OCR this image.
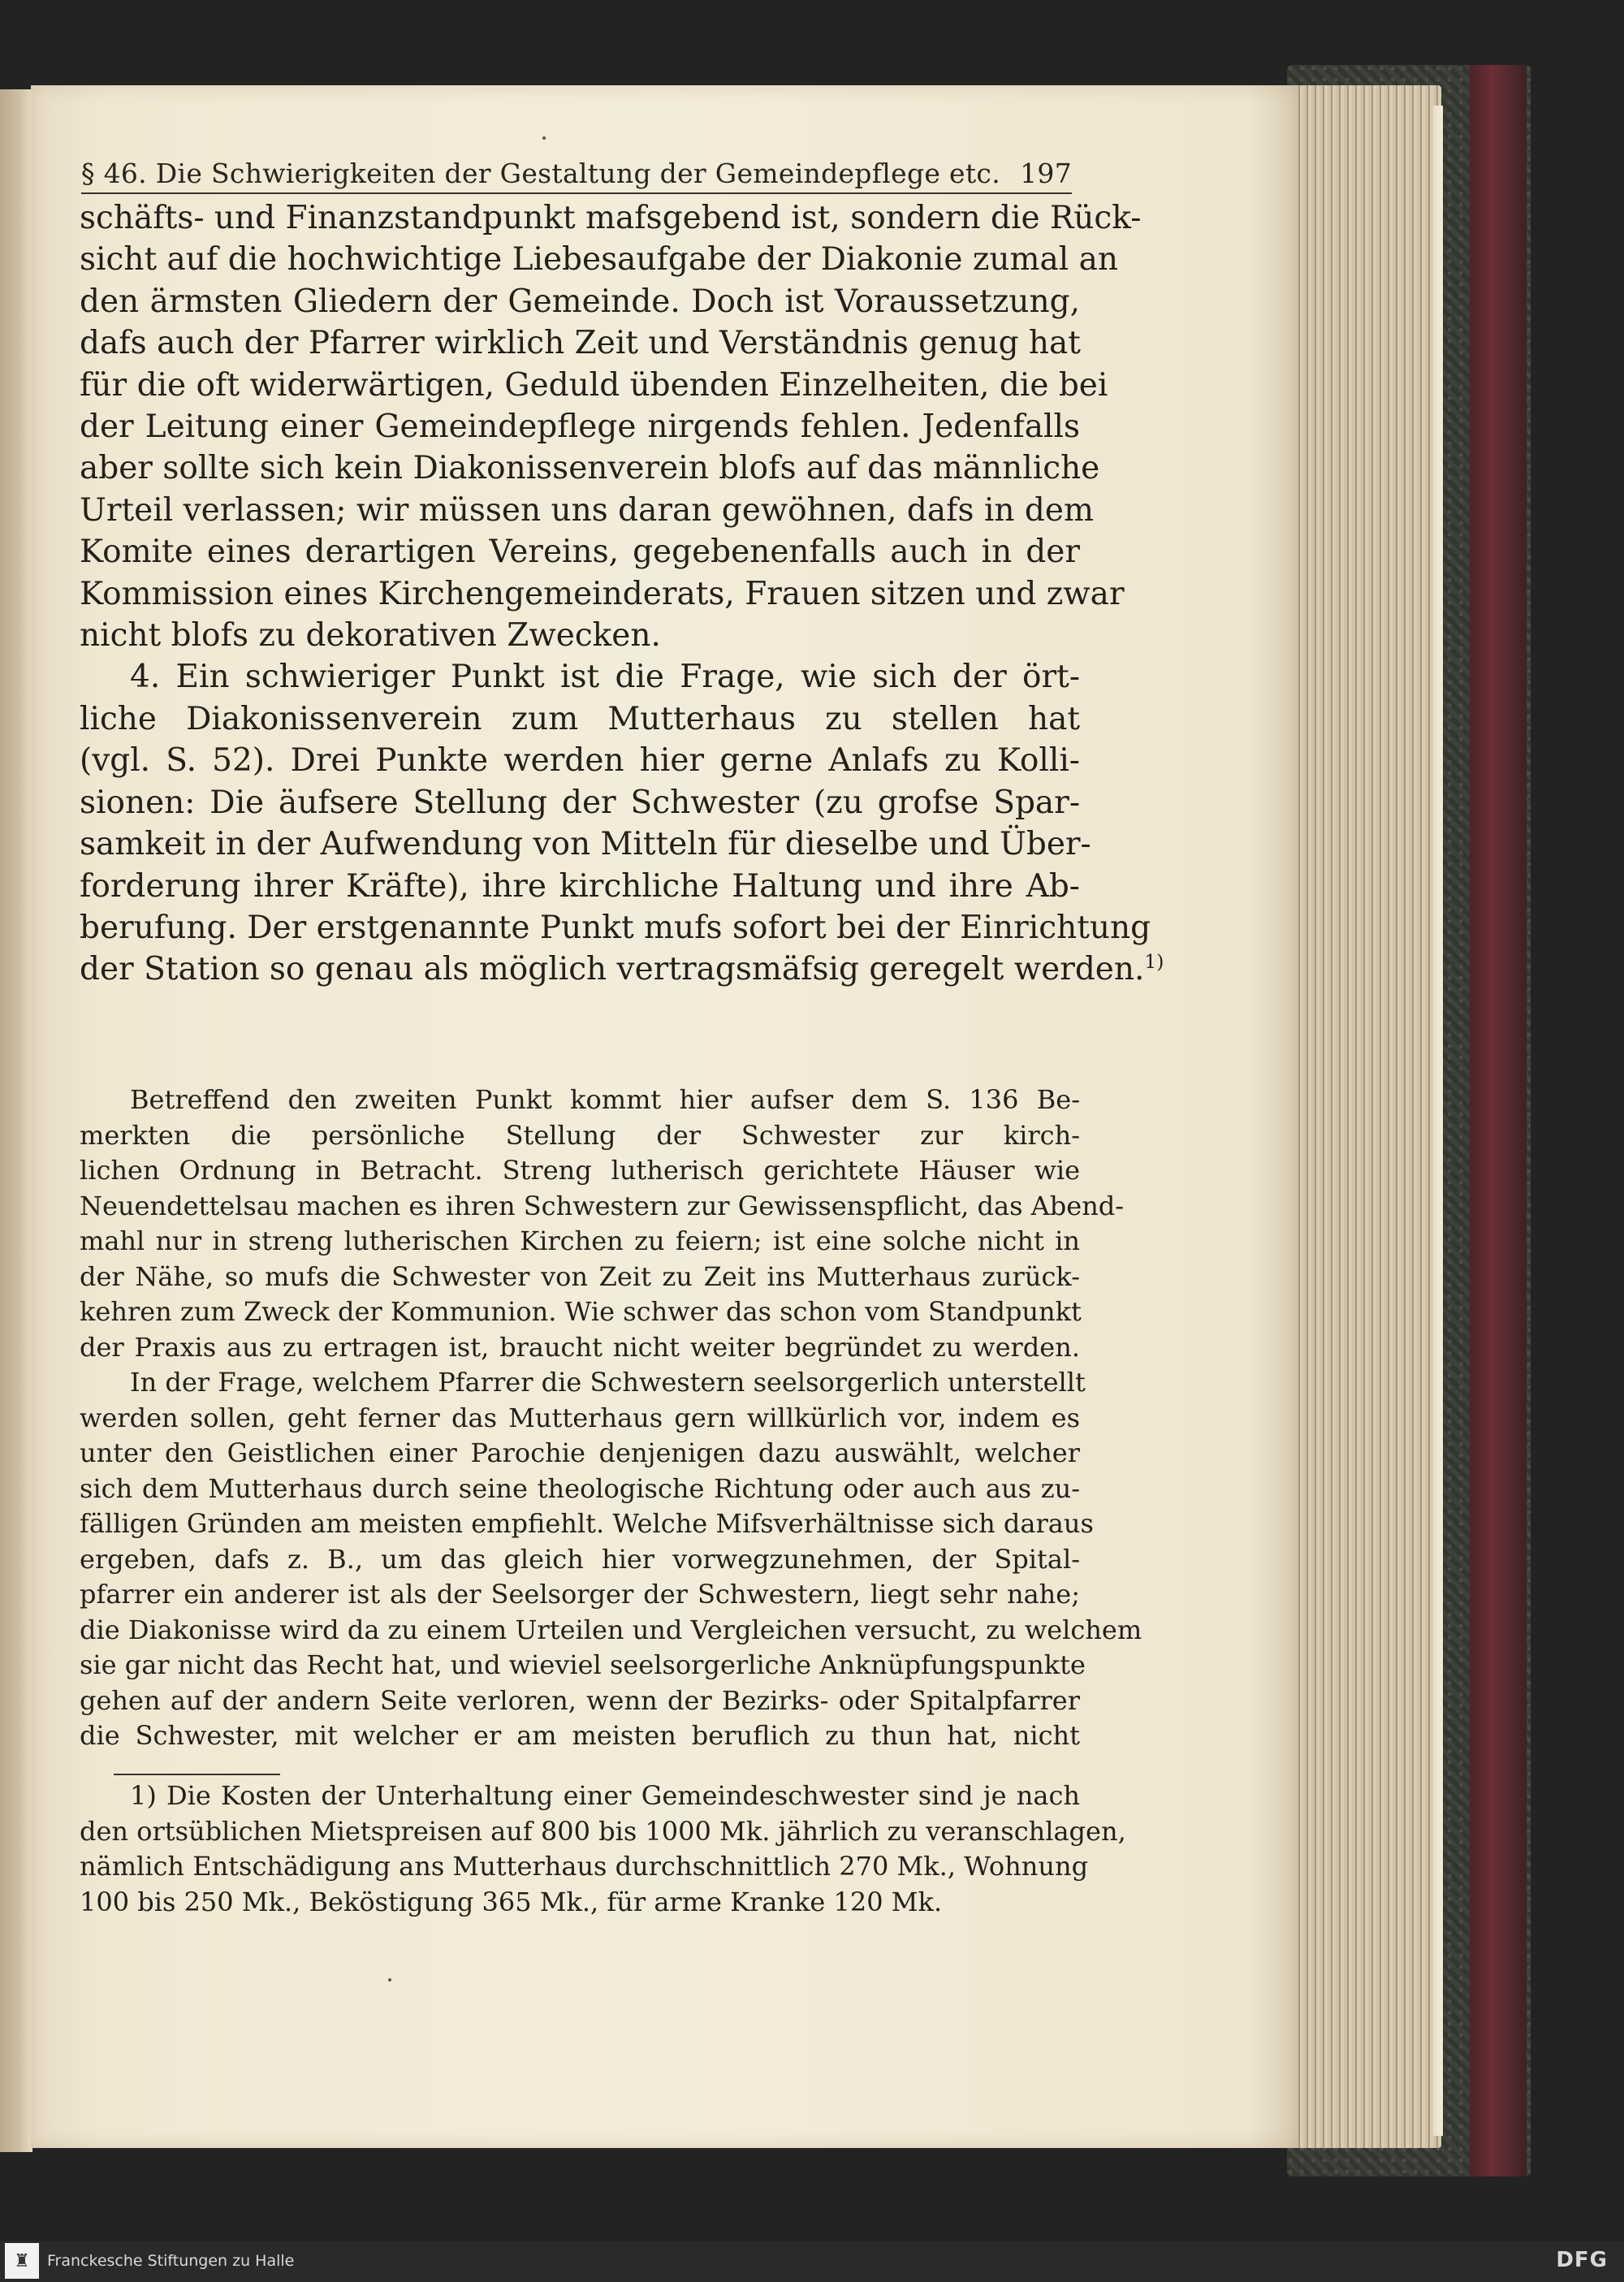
§ 46. Die Schwierigkeiten der Gestaltung der Gemeindepflege etc. 197
schäfts- und Finanzstandpunkt mafsgebend ist, sondern die Rück-
sicht auf die hochwichtige Liebesaufgabe der Diakonie zumal an
den ärmsten Gliedern der Gemeinde. Doch ist Voraussetzung,
dafs auch der Pfarrer wirklich Zeit und Verständnis genug hat
für die oft widerwärtigen, Geduld übenden Einzelheiten, die bei
der Leitung einer Gemeindepflege nirgends fehlen. Jedenfalls
aber sollte sich kein Diakonissenverein blofs auf das männliche
Urteil verlassen; wir müssen uns daran gewöhnen, dafs in dem
Komite eines derartigen Vereins, gegebenenfalls auch in der
Kommission eines Kirchengemeinderats, Frauen sitzen und zwar
nicht blofs zu dekorativen Zwecken.
4. Ein schwieriger Punkt ist die Frage, wie sich der ört-
liche Diakonissenverein zum Mutterhaus zu stellen hat
(vgl. S. 52). Drei Punkte werden hier gerne Anlafs zu Kolli-
sionen: Die äufsere Stellung der Schwester (zu grofse Spar-
samkeit in der Aufwendung von Mitteln für dieselbe und Über-
forderung ihrer Kräfte), ihre kirchliche Haltung und ihre Ab-
berufung. Der erstgenannte Punkt mufs sofort bei der Einrichtung
der Station so genau als möglich vertragsmäfsig geregelt werden.$^{1)}$
Betreffend den zweiten Punkt kommt hier aufser dem S. 136 Be-
merkten die persönliche Stellung der Schwester zur kirch-
lichen Ordnung in Betracht. Streng lutherisch gerichtete Häuser wie
Neuendettelsau machen es ihren Schwestern zur Gewissenspflicht, das Abend-
mahl nur in streng lutherischen Kirchen zu feiern; ist eine solche nicht in
der Nähe, so mufs die Schwester von Zeit zu Zeit ins Mutterhaus zurück-
kehren zum Zweck der Kommunion. Wie schwer das schon vom Standpunkt
der Praxis aus zu ertragen ist, braucht nicht weiter begründet zu werden.
In der Frage, welchem Pfarrer die Schwestern seelsorgerlich unterstellt
werden sollen, geht ferner das Mutterhaus gern willkürlich vor, indem es
unter den Geistlichen einer Parochie denjenigen dazu auswählt, welcher
sich dem Mutterhaus durch seine theologische Richtung oder auch aus zu-
fälligen Gründen am meisten empfiehlt. Welche Mifsverhältnisse sich daraus
ergeben, dafs z. B., um das gleich hier vorwegzunehmen, der Spital-
pfarrer ein anderer ist als der Seelsorger der Schwestern, liegt sehr nahe;
die Diakonisse wird da zu einem Urteilen und Vergleichen versucht, zu welchem
sie gar nicht das Recht hat, und wieviel seelsorgerliche Anknüpfungspunkte
gehen auf der andern Seite verloren, wenn der Bezirks- oder Spitalpfarrer
die Schwester, mit welcher er am meisten beruflich zu thun hat, nicht
1) Die Kosten der Unterhaltung einer Gemeindeschwester sind je nach
den ortsüblichen Mietspreisen auf 800 bis 1000 Mk. jährlich zu veranschlagen,
nämlich Entschädigung ans Mutterhaus durchschnittlich 270 Mk., Wohnung
100 bis 250 Mk., Beköstigung 365 Mk., für arme Kranke 120 Mk.
♜	Franckesche Stiftungen zu Halle	DFG
